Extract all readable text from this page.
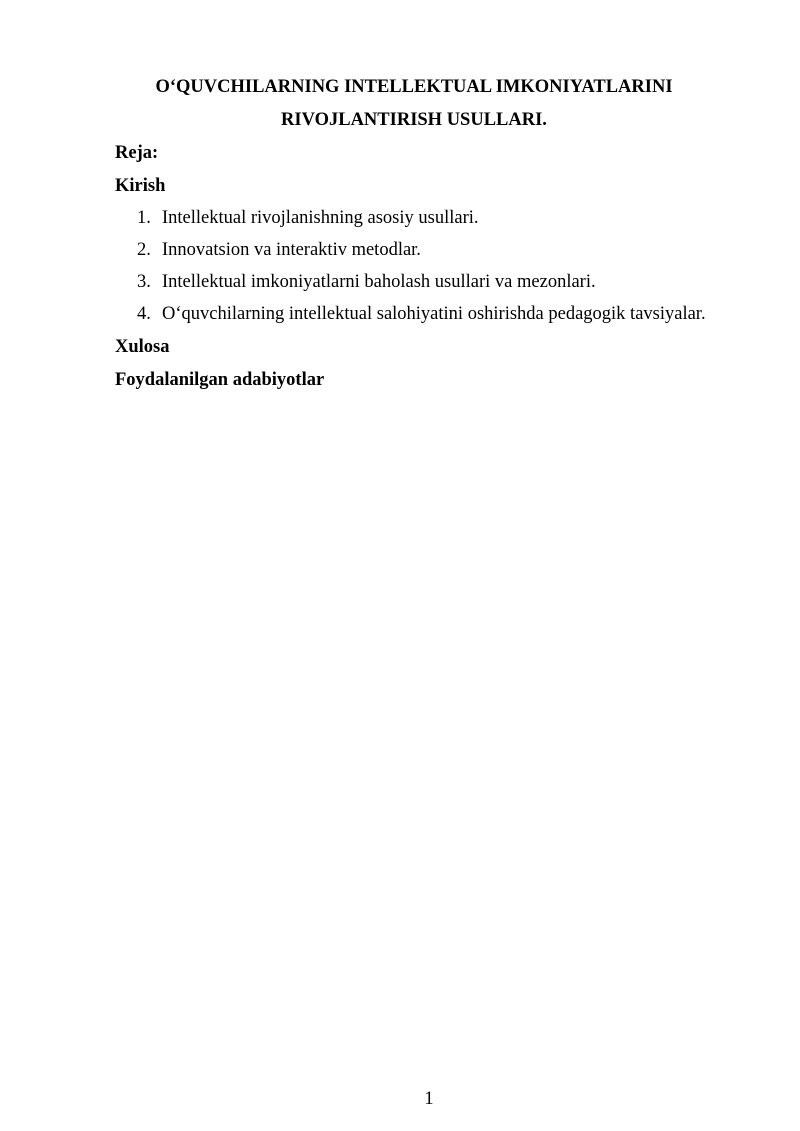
O‘QUVCHILARNING INTELLEKTUAL IMKONIYATLARINI

RIVOJLANTIRISH USULLARI.

Reja:

Kirish

1. Intellektual rivojlanishning asosiy usullari.
2. Innovatsion va interaktiv metodlar.
3. Intellektual imkoniyatlarni baholash usullari va mezonlari.
4. O‘quvchilarning intellektual salohiyatini oshirishda pedagogik tavsiyalar.

Xulosa

Foydalanilgan adabiyotlar

1
